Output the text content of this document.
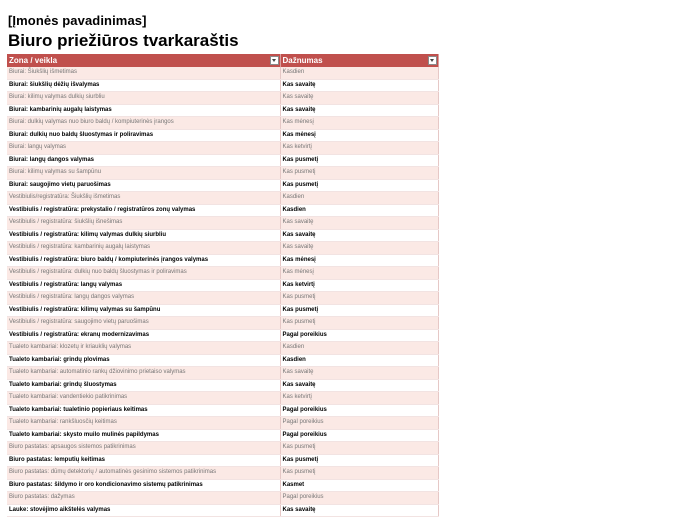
[Įmonės pavadinimas]
Biuro priežiūros tvarkaraštis
Zona / veikla	Dažnumas

Biurai: Šiukšlių išmetimas	Kasdien
Biurai: šiukšlių dėžių išvalymas	Kas savaitę
Biurai: kilimų valymas dulkių siurbliu	Kas savaitę
Biurai: kambarinių augalų laistymas	Kas savaitę
Biurai: dulkių valymas nuo biuro baldų / kompiuterinės įrangos	Kas mėnesį
Biurai: dulkių nuo baldų šluostymas ir poliravimas	Kas mėnesį
Biurai: langų valymas	Kas ketvirtį
Biurai: langų dangos valymas	Kas pusmetį
Biurai: kilimų valymas su šampūnu	Kas pusmetį
Biurai: saugojimo vietų paruošimas	Kas pusmetį
Vestibiulis/registratūra: Šiukšlių išmetimas	Kasdien
Vestibiulis / registratūra: prekystalio / registratūros zonų valymas	Kasdien
Vestibiulis / registratūra: šiukšlių išnešimas	Kas savaitę
Vestibiulis / registratūra: kilimų valymas dulkių siurbliu	Kas savaitę
Vestibiulis / registratūra: kambarinių augalų laistymas	Kas savaitę
Vestibiulis / registratūra: biuro baldų / kompiuterinės įrangos valymas	Kas mėnesį
Vestibiulis / registratūra: dulkių nuo baldų šluostymas ir poliravimas	Kas mėnesį
Vestibiulis / registratūra: langų valymas	Kas ketvirtį
Vestibiulis / registratūra: langų dangos valymas	Kas pusmetį
Vestibiulis / registratūra: kilimų valymas su šampūnu	Kas pusmetį
Vestibiulis / registratūra: saugojimo vietų paruošimas	Kas pusmetį
Vestibiulis / registratūra: ekranų modernizavimas	Pagal poreikius
Tualeto kambariai: klozetų ir kriauklių valymas	Kasdien
Tualeto kambariai: grindų plovimas	Kasdien
Tualeto kambariai: automatinio rankų džiovinimo prietaiso valymas	Kas savaitę
Tualeto kambariai: grindų šluostymas	Kas savaitę
Tualeto kambariai: vandentiekio patikrinimas	Kas ketvirtį
Tualeto kambariai: tualetinio popieriaus keitimas	Pagal poreikius
Tualeto kambariai: rankšluosčių keitimas	Pagal poreikius
Tualeto kambariai: skysto muilo mulinės papildymas	Pagal poreikius
Biuro pastatas: apsaugos sistemos patikrinimas	Kas pusmetį
Biuro pastatas: lemputių keitimas	Kas pusmetį
Biuro pastatas: dūmų detektorių / automatinės gesinimo sistemos patikrinimas	Kas pusmetį
Biuro pastatas: šildymo ir oro kondicionavimo sistemų patikrinimas	Kasmet
Biuro pastatas: dažymas	Pagal poreikius
Lauke: stovėjimo aikštelės valymas	Kas savaitę
